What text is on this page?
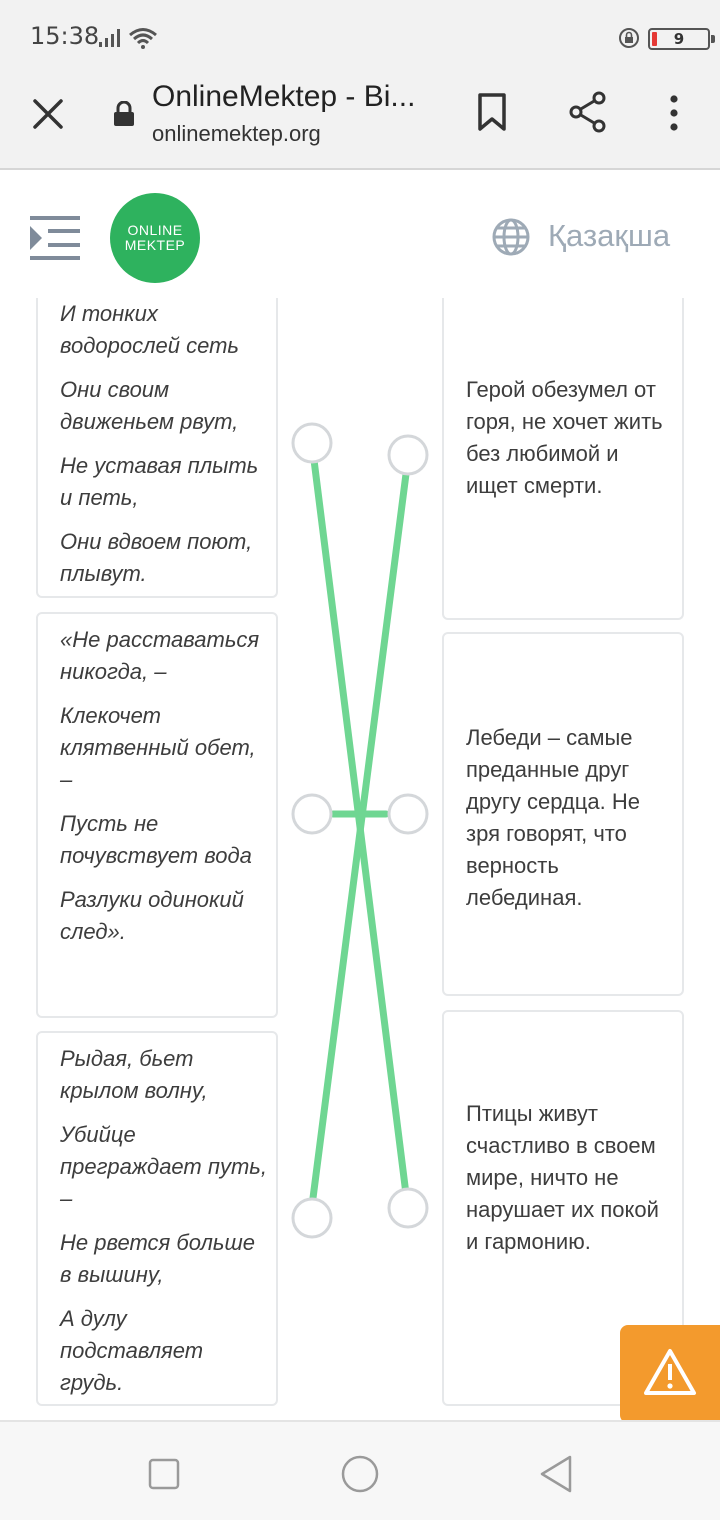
15:38	9
OnlineMektep - Bi...
onlinemektep.org
ONLINE
MEKTEP	Қазақша
И тонких водорослей сеть
Они своим движеньем рвут,
Не уставая плыть и петь,
Они вдвоем поют, плывут.
«Не расставаться никогда, –
Клекочет клятвенный обет, –
Пусть не почувствует вода
Разлуки одинокий след».
Рыдая, бьет крылом волну,
Убийце преграждает путь, –
Не рвется больше в вышину,
А дулу подставляет грудь.
Герой обезумел от горя, не хочет жить без любимой и ищет смерти.
Лебеди – самые преданные друг другу сердца. Не зря говорят, что верность лебединая.
Птицы живут счастливо в своем мире, ничто не нарушает их покой и гармонию.
